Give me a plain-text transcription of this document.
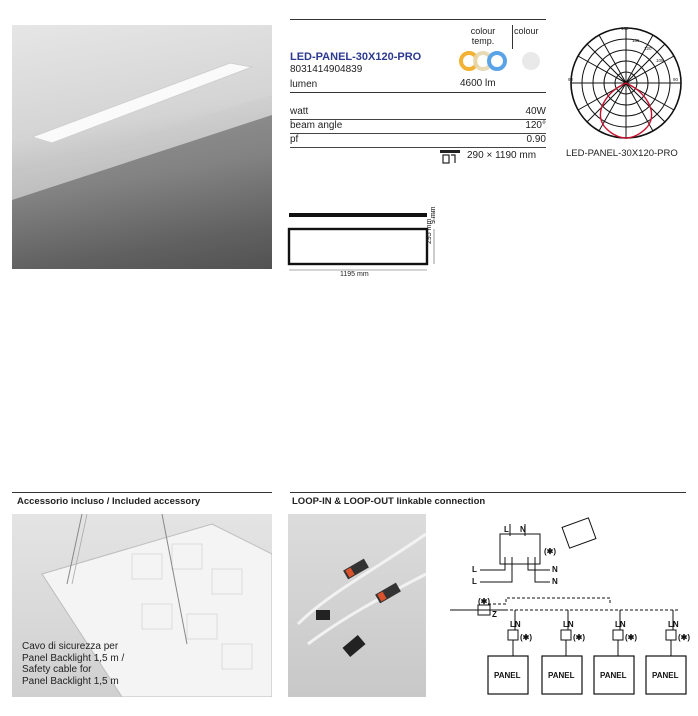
LED-PANEL-30X120-PRO
8031414904839
lumen
colour
temp.
colour
4600 lm
watt	40W
beam angle	120°
pf	0.90
290 × 1190 mm
180
135
120
105
90
90
LED-PANEL-30X120-PRO
1195 mm
295 mm
9 mm
Accessorio incluso / Included accessory	LOOP-IN & LOOP-OUT linkable connection
Cavo di sicurezza per
Panel Backlight 1,5 m /
Safety cable for
Panel Backlight 1,5 m
L N
L
L
N
N
(✱)
(✱)
Z
LN	LN	LN	LN
(✱)	(✱)	(✱)	(✱)
PANEL	PANEL	PANEL	PANEL
